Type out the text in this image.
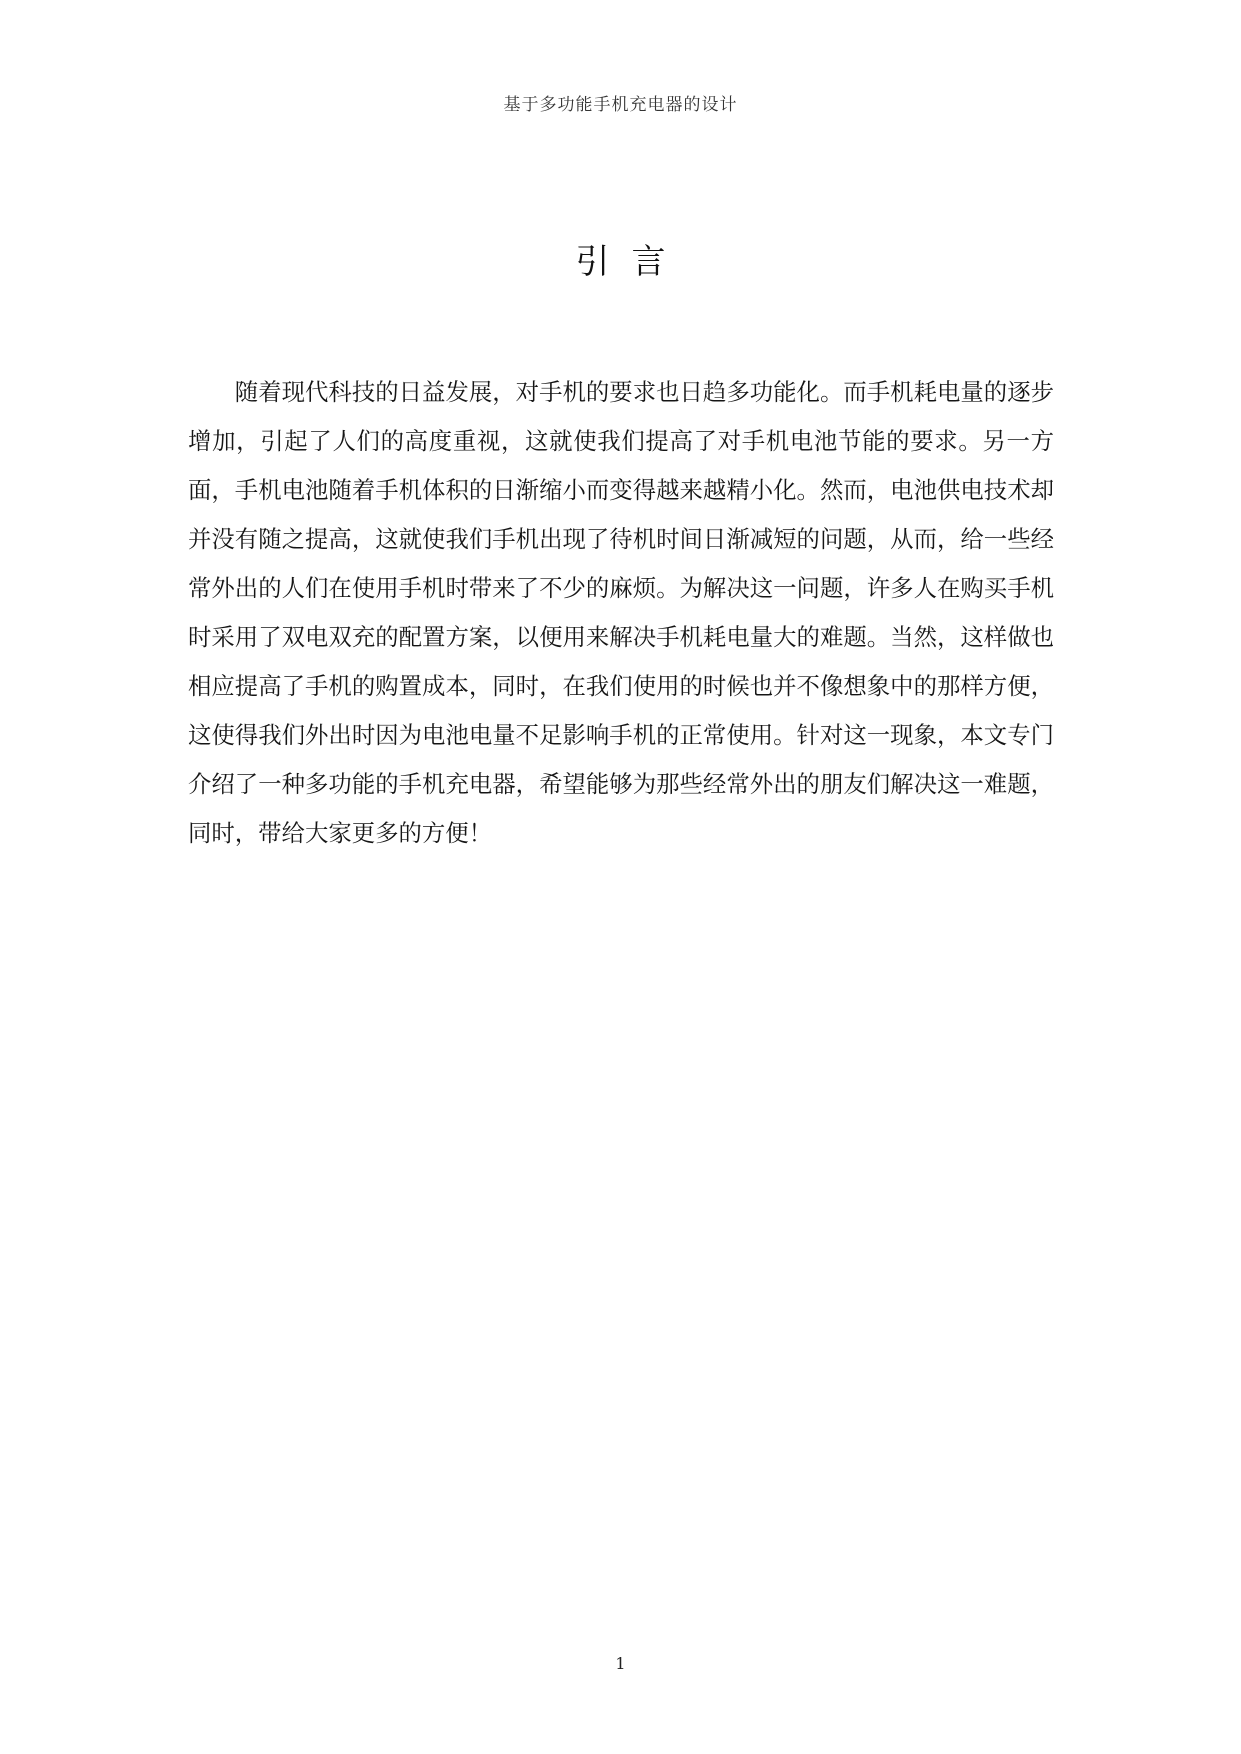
基于多功能手机充电器的设计
引言

随着现代科技的日益发展，对手机的要求也日趋多功能化。而手机耗电量的逐步增加，引起了人们的高度重视，这就使我们提高了对手机电池节能的要求。另一方面，手机电池随着手机体积的日渐缩小而变得越来越精小化。然而，电池供电技术却并没有随之提高，这就使我们手机出现了待机时间日渐减短的问题，从而，给一些经常外出的人们在使用手机时带来了不少的麻烦。为解决这一问题，许多人在购买手机时采用了双电双充的配置方案，以便用来解决手机耗电量大的难题。当然，这样做也相应提高了手机的购置成本，同时，在我们使用的时候也并不像想象中的那样方便，这使得我们外出时因为电池电量不足影响手机的正常使用。针对这一现象，本文专门介绍了一种多功能的手机充电器，希望能够为那些经常外出的朋友们解决这一难题，同时，带给大家更多的方便！

1
